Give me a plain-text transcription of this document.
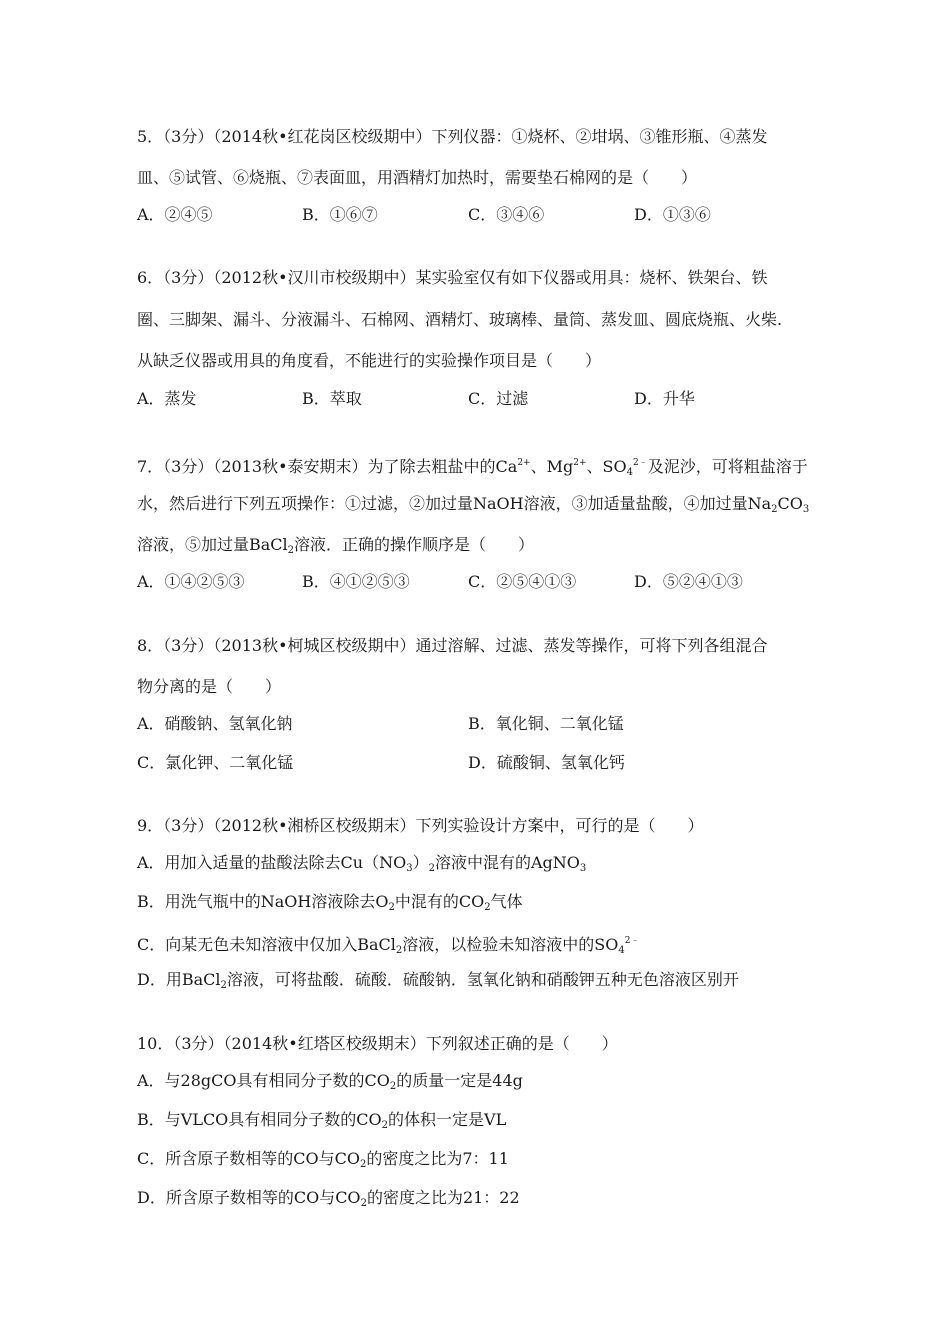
5．（3分）（2014秋•红花岗区校级期中）下列仪器：①烧杯、②坩埚、③锥形瓶、④蒸发
皿、⑤试管、⑥烧瓶、⑦表面皿，用酒精灯加热时，需要垫石棉网的是（　　）
A．②④⑤	B．①⑥⑦	C．③④⑥	D．①③⑥
6．（3分）（2012秋•汉川市校级期中）某实验室仅有如下仪器或用具：烧杯、铁架台、铁
圈、三脚架、漏斗、分液漏斗、石棉网、酒精灯、玻璃棒、量筒、蒸发皿、圆底烧瓶、火柴.
从缺乏仪器或用具的角度看，不能进行的实验操作项目是（　　）
A．蒸发	B．萃取	C．过滤	D．升华
7．（3分）（2013秋•泰安期末）为了除去粗盐中的$Ca^{2+}$、$Mg^{2+}$、$SO_4^{2﹣}$及泥沙，可将粗盐溶于
水，然后进行下列五项操作：①过滤，②加过量NaOH溶液，③加适量盐酸，④加过量$Na_2CO_3$
溶液，⑤加过量BaCl$_2$溶液．正确的操作顺序是（　　）
A．①④②⑤③	B．④①②⑤③	C．②⑤④①③	D．⑤②④①③
8．（3分）（2013秋•柯城区校级期中）通过溶解、过滤、蒸发等操作，可将下列各组混合
物分离的是（　　）
A．硝酸钠、氢氧化钠	B．氧化铜、二氧化锰
C．氯化钾、二氧化锰	D．硫酸铜、氢氧化钙
9．（3分）（2012秋•湘桥区校级期末）下列实验设计方案中，可行的是（　　）
A．用加入适量的盐酸法除去$Cu(NO_3)_2$溶液中混有的AgNO$_3$
B．用洗气瓶中的NaOH溶液除去$O_2$中混有的$CO_2$气体
C．向某无色未知溶液中仅加入BaCl$_2$溶液，以检验未知溶液中的$SO_4^{2﹣}$
D．用BaCl$_2$溶液，可将盐酸．硫酸．硫酸钠．氢氧化钠和硝酸钾五种无色溶液区别开
10．（3分）（2014秋•红塔区校级期末）下列叙述正确的是（　　）
A．与28gCO具有相同分子数的$CO_2$的质量一定是44g
B．与VLCO具有相同分子数的$CO_2$的体积一定是VL
C．所含原子数相等的CO与$CO_2$的密度之比为7：11
D．所含原子数相等的CO与$CO_2$的密度之比为21：22
